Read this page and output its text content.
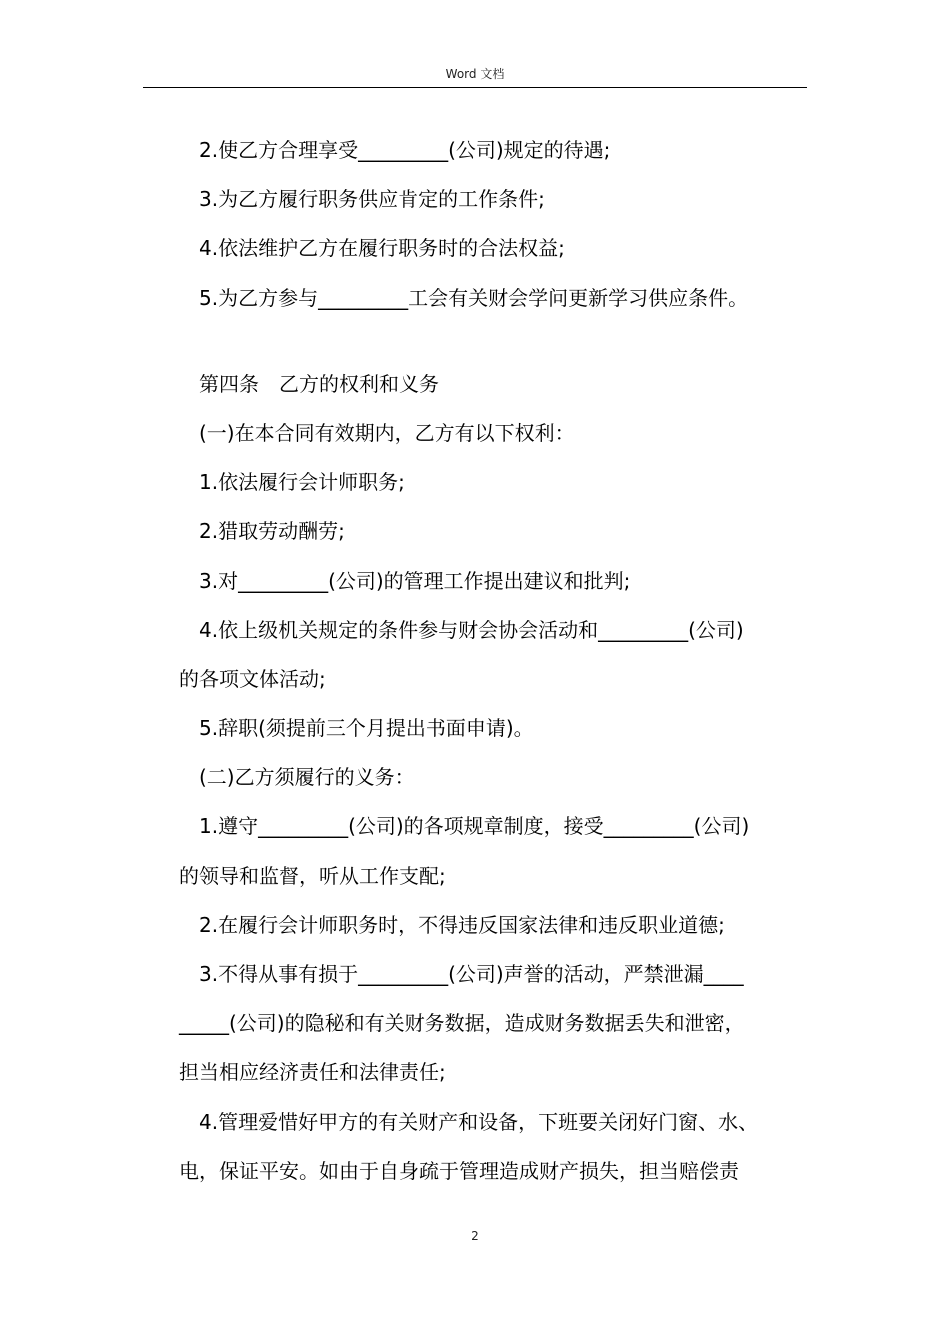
Word 文档
2.使乙方合理享受_________(公司)规定的待遇;
3.为乙方履行职务供应肯定的工作条件;
4.依法维护乙方在履行职务时的合法权益;
5.为乙方参与_________工会有关财会学问更新学习供应条件。
第四条　乙方的权利和义务
(一)在本合同有效期内，乙方有以下权利：
1.依法履行会计师职务;
2.猎取劳动酬劳;
3.对_________(公司)的管理工作提出建议和批判;
4.依上级机关规定的条件参与财会协会活动和_________(公司)
的各项文体活动;
5.辞职(须提前三个月提出书面申请)。
(二)乙方须履行的义务：
1.遵守_________(公司)的各项规章制度，接受_________(公司)
的领导和监督，听从工作支配;
2.在履行会计师职务时，不得违反国家法律和违反职业道德;
3.不得从事有损于_________(公司)声誉的活动，严禁泄漏____
_____(公司)的隐秘和有关财务数据，造成财务数据丢失和泄密，
担当相应经济责任和法律责任;
4.管理爱惜好甲方的有关财产和设备，下班要关闭好门窗、水、
电，保证平安。如由于自身疏于管理造成财产损失，担当赔偿责
2
